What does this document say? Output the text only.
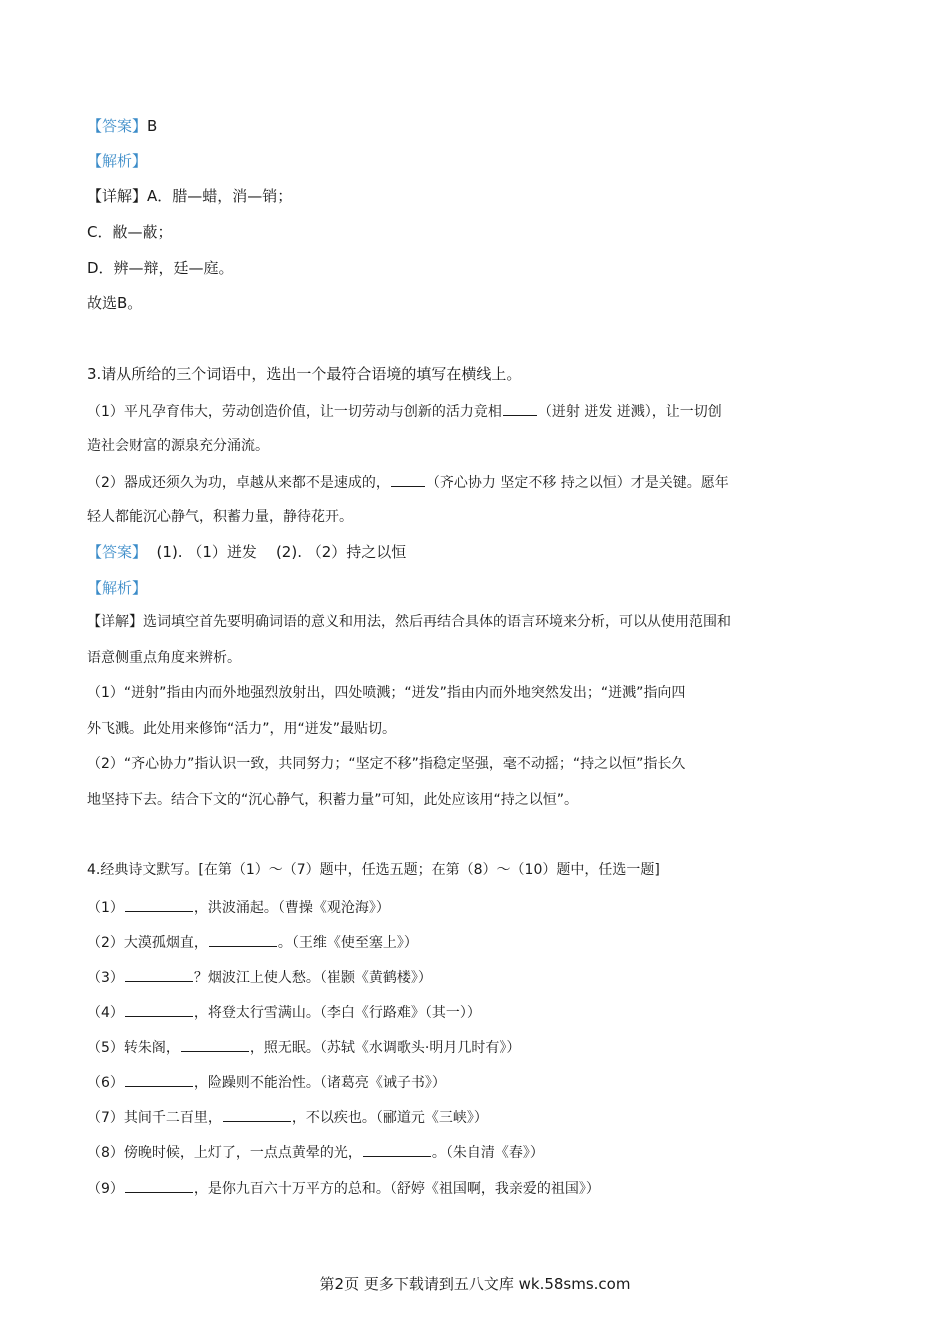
【答案】B
【解析】
【详解】A．腊—蜡，消—销；
C．敝—蔽；
D．辨—辩，廷—庭。
故选B。
3.请从所给的三个词语中，选出一个最符合语境的填写在横线上。
（1）平凡孕育伟大，劳动创造价值，让一切劳动与创新的活力竞相	（迸射 迸发 迸溅），让一切创
造社会财富的源泉充分涌流。
（2）器成还须久为功，卓越从来都不是速成的，	（齐心协力 坚定不移 持之以恒）才是关键。愿年
轻人都能沉心静气，积蓄力量，静待花开。
【答案】  (1). （1）迸发    (2). （2）持之以恒
【解析】
【详解】选词填空首先要明确词语的意义和用法，然后再结合具体的语言环境来分析，可以从使用范围和
语意侧重点角度来辨析。
（1）“迸射”指由内而外地强烈放射出，四处喷溅；“迸发”指由内而外地突然发出；“迸溅”指向四
外飞溅。此处用来修饰“活力”，用“迸发”最贴切。
（2）“齐心协力”指认识一致，共同努力；“坚定不移”指稳定坚强，毫不动摇；“持之以恒”指长久
地坚持下去。结合下文的“沉心静气，积蓄力量”可知，此处应该用“持之以恒”。
4.经典诗文默写。[在第（1）～（7）题中，任选五题；在第（8）～（10）题中，任选一题]
（1）	，洪波涌起。（曹操《观沧海》）
（2）大漠孤烟直，	。（王维《使至塞上》）
（3）	？烟波江上使人愁。（崔颢《黄鹤楼》）
（4）	，将登太行雪满山。（李白《行路难》（其一））
（5）转朱阁，	，照无眠。（苏轼《水调歌头·明月几时有》）
（6）	，险躁则不能治性。（诸葛亮《诫子书》）
（7）其间千二百里，	，不以疾也。（郦道元《三峡》）
（8）傍晚时候，上灯了，一点点黄晕的光，	。（朱自清《春》）
（9）	，是你九百六十万平方的总和。（舒婷《祖国啊，我亲爱的祖国》）
第2页 更多下载请到五八文库 wk.58sms.com
